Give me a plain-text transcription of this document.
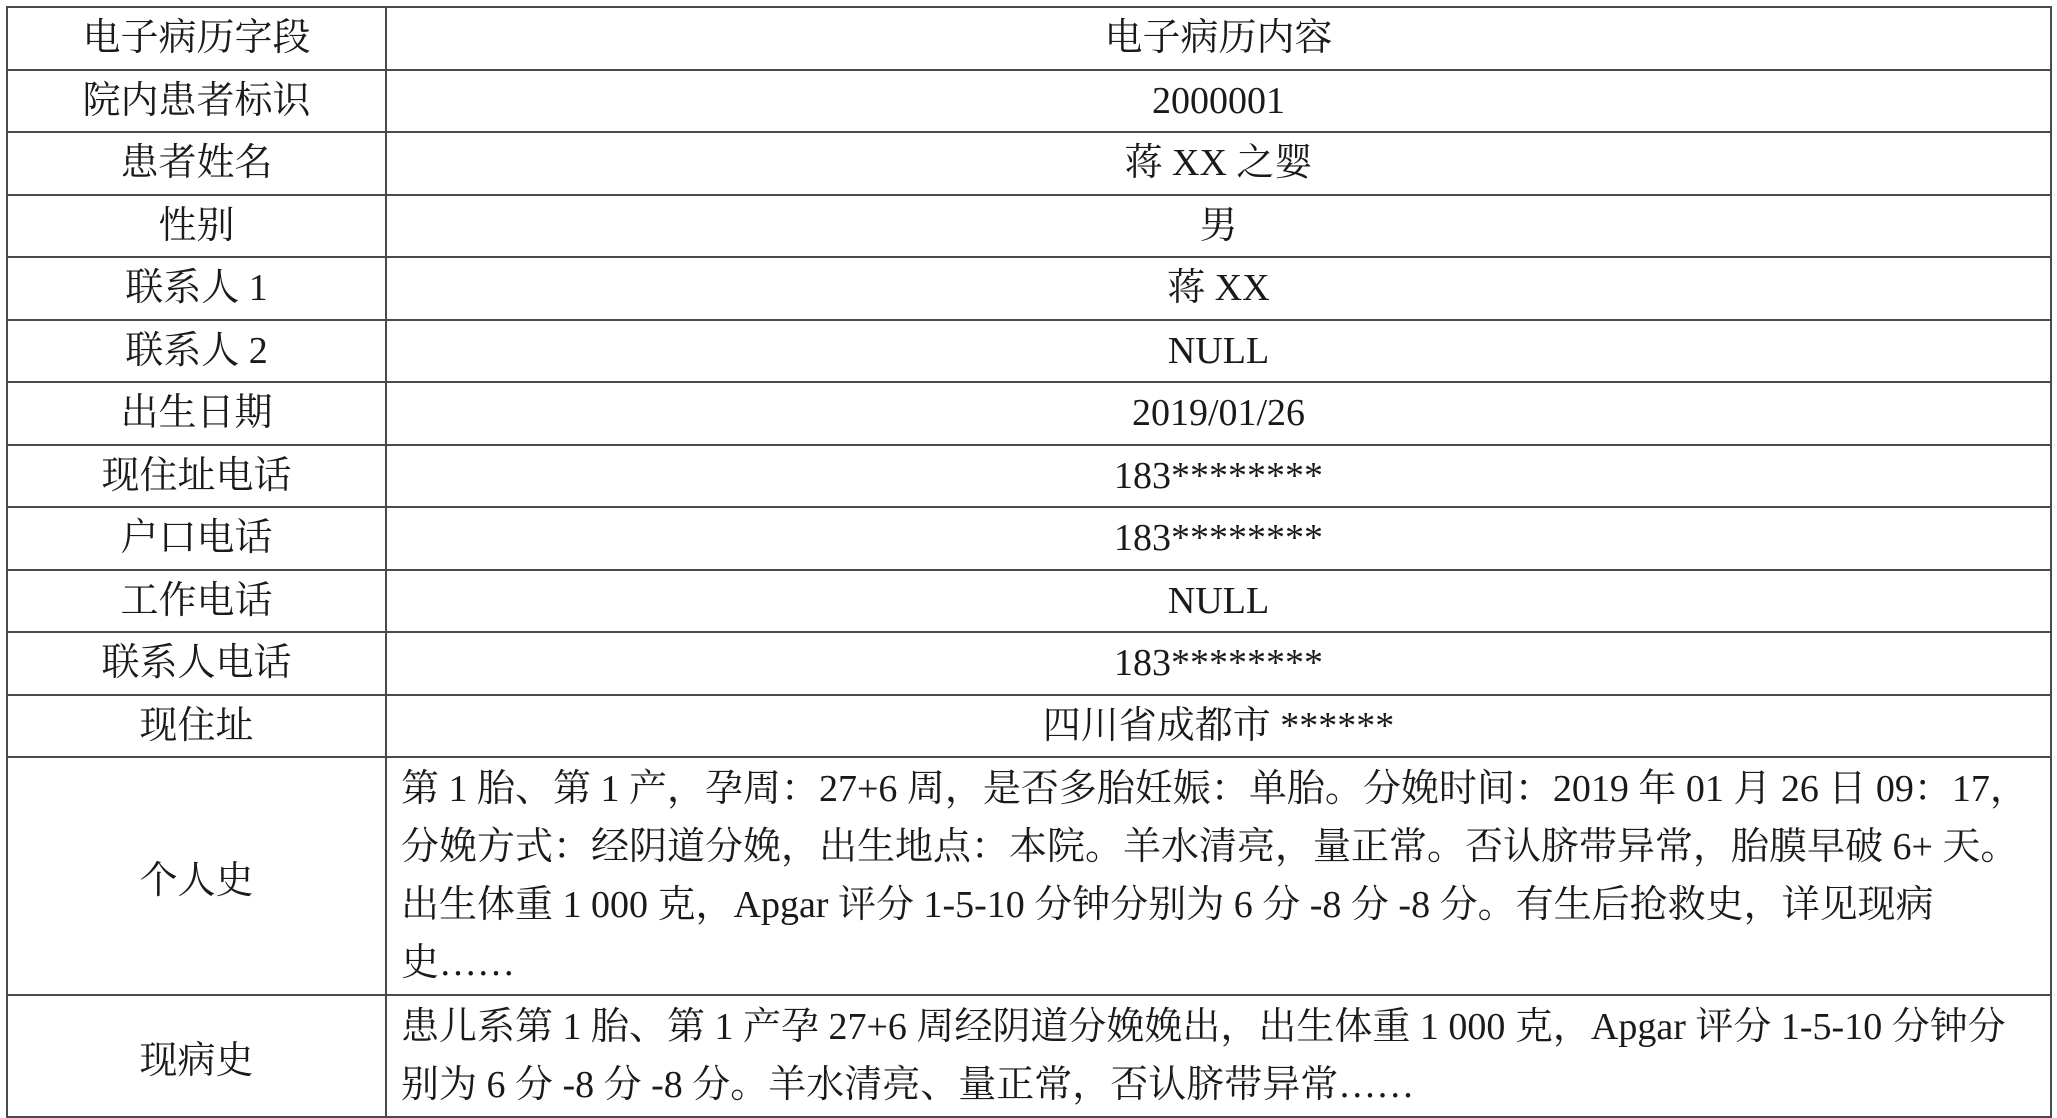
电子病历字段	电子病历内容
院内患者标识	2000001
患者姓名	蒋 XX 之婴
性别	男
联系人 1	蒋 XX
联系人 2	NULL
出生日期	2019/01/26
现住址电话	183********
户口电话	183********
工作电话	NULL
联系人电话	183********
现住址	四川省成都市 ******
个人史	第 1 胎、第 1 产，孕周：27+6 周，是否多胎妊娠：单胎。分娩时间：2019 年 01 月 26 日 09：17，分娩方式：经阴道分娩，出生地点：本院。羊水清亮，量正常。否认脐带异常，胎膜早破 6+ 天。出生体重 1 000 克，Apgar 评分 1-5-10 分钟分别为 6 分 -8 分 -8 分。有生后抢救史，详见现病史……
现病史	患儿系第 1 胎、第 1 产孕 27+6 周经阴道分娩娩出，出生体重 1 000 克，Apgar 评分 1-5-10 分钟分别为 6 分 -8 分 -8 分。羊水清亮、量正常，否认脐带异常……
